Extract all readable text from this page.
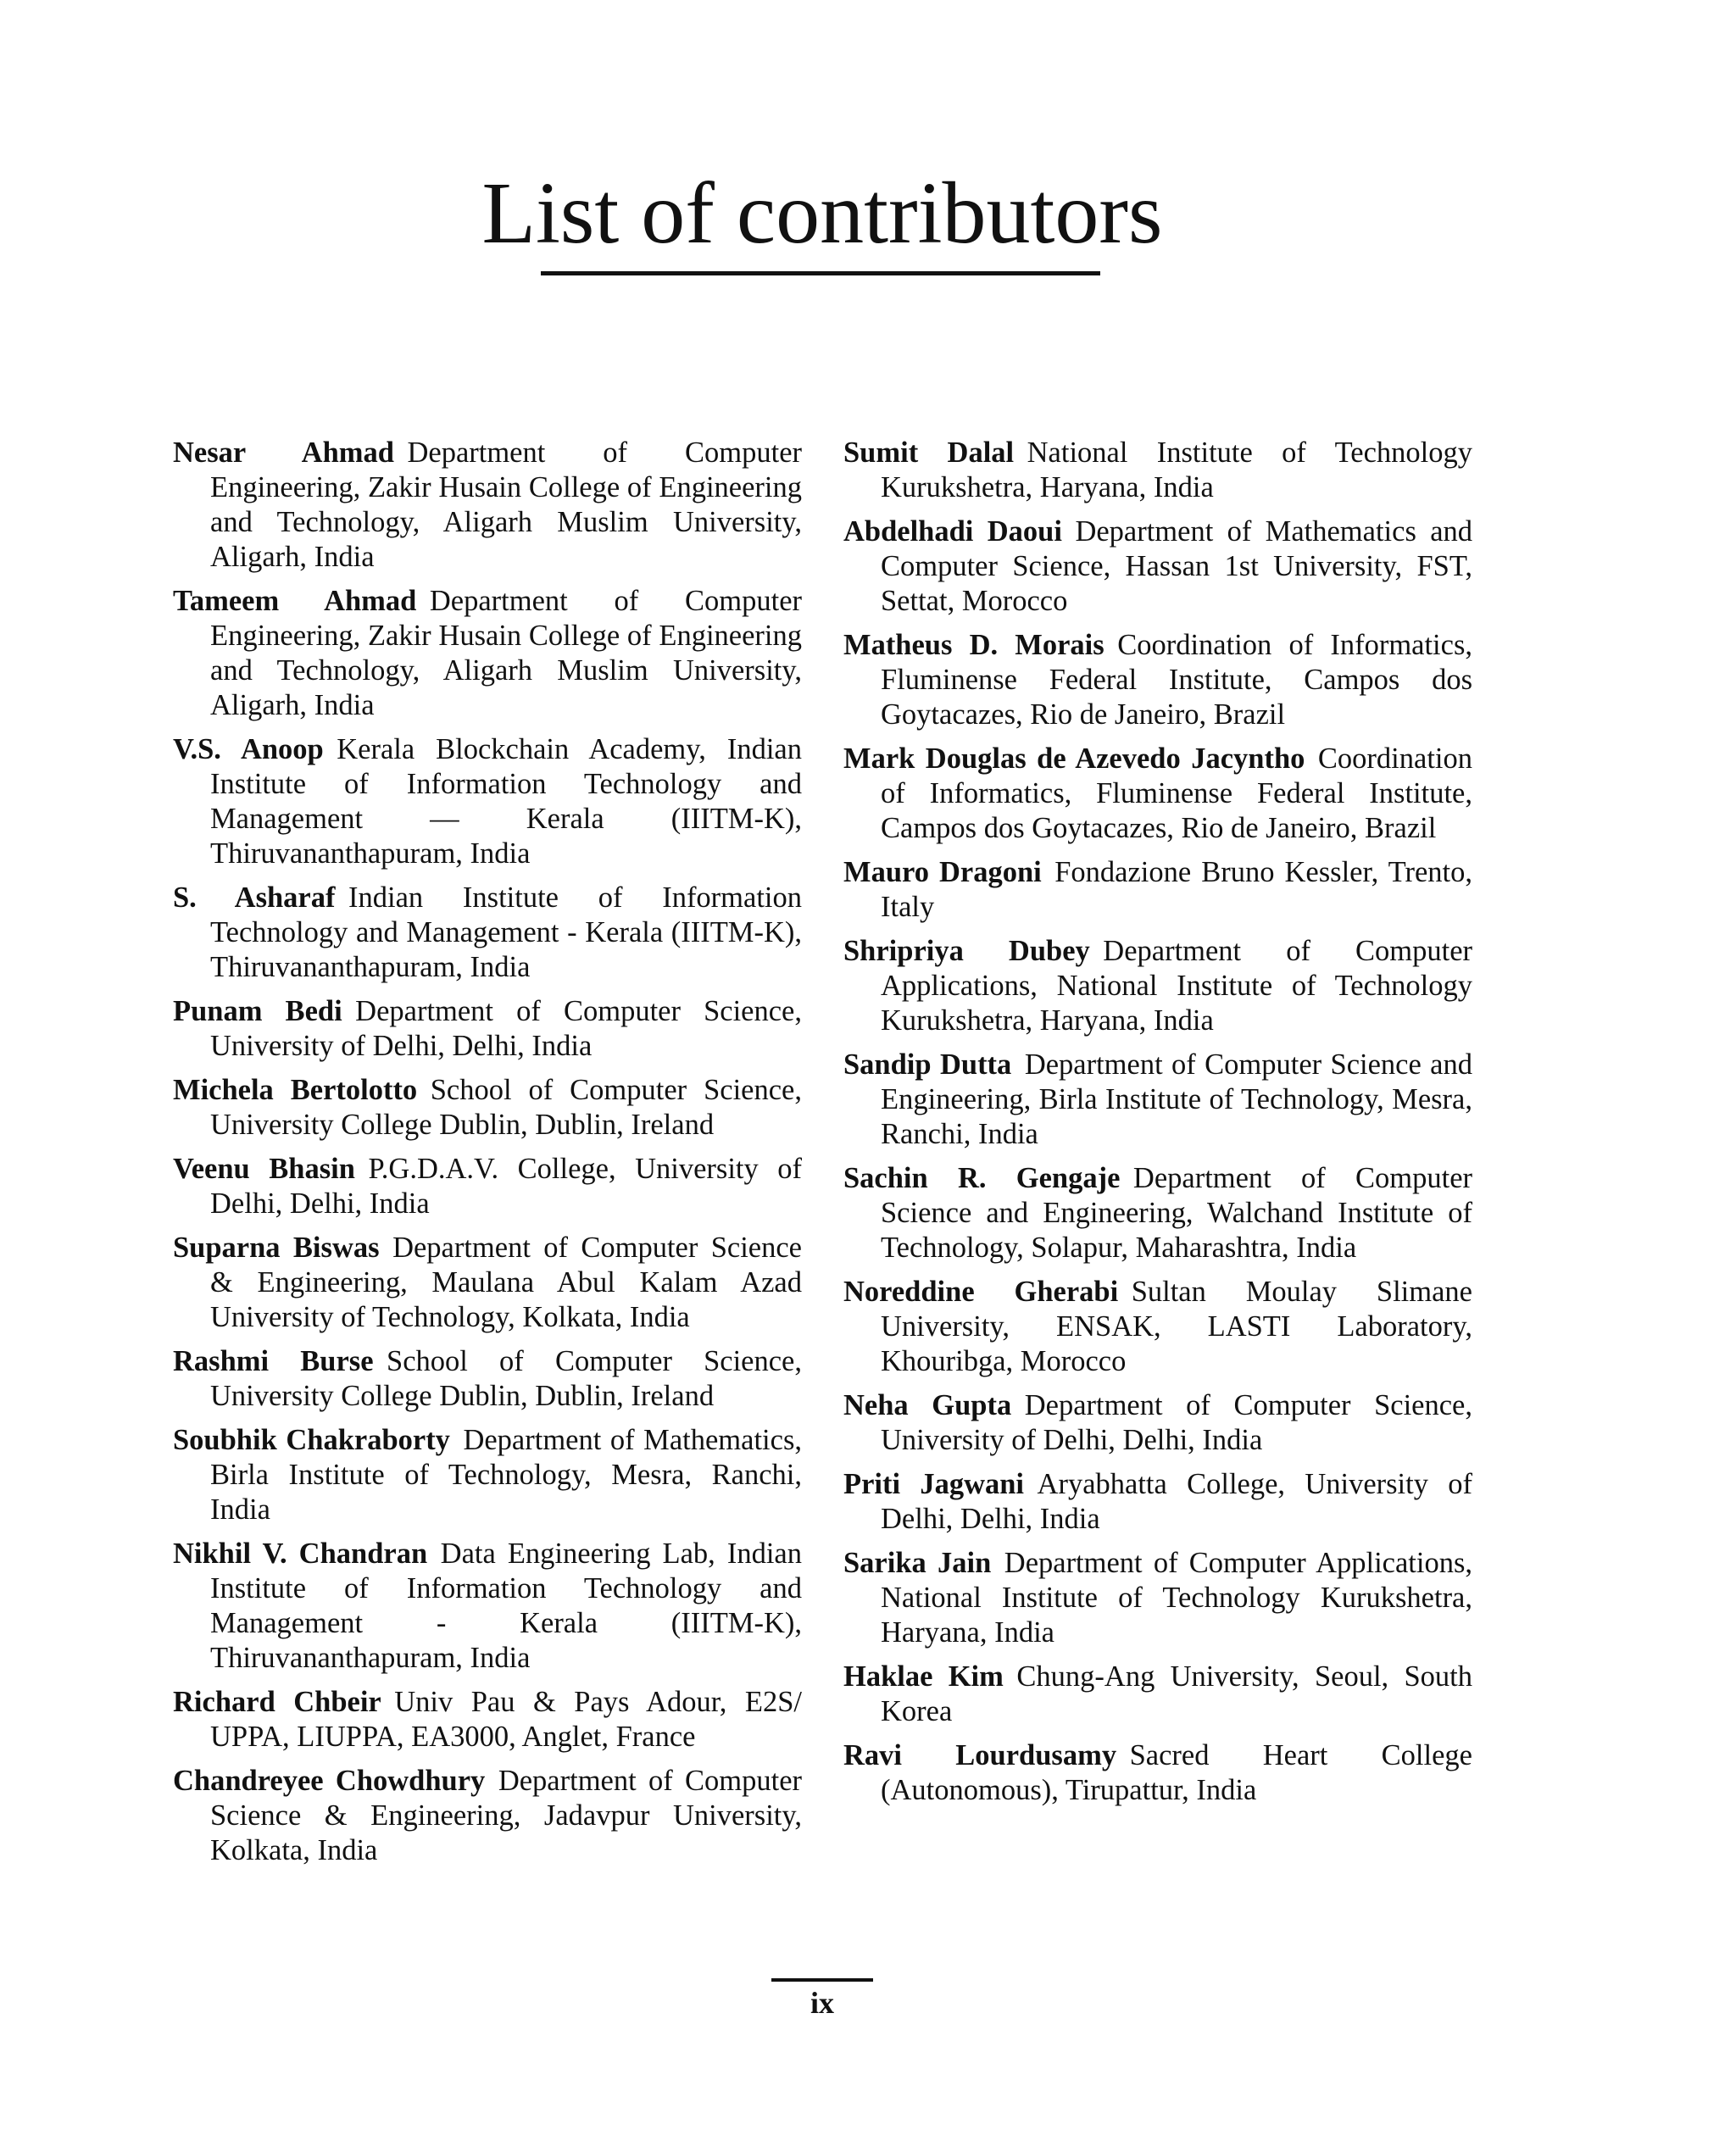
List of contributors

Nesar Ahmad Department of Computer Engineering, Zakir Husain College of Engineering and Technology, Aligarh Muslim University, Aligarh, India

Tameem Ahmad Department of Computer Engineering, Zakir Husain College of Engineering and Technology, Aligarh Muslim University, Aligarh, India

V.S. Anoop Kerala Blockchain Academy, Indian Institute of Information Technology and Management — Kerala (IIITM-K), Thiruvananthapuram, India

S. Asharaf Indian Institute of Information Technology and Management - Kerala (IIITM-K), Thiruvananthapuram, India

Punam Bedi Department of Computer Science, University of Delhi, Delhi, India

Michela Bertolotto School of Computer Science, University College Dublin, Dublin, Ireland

Veenu Bhasin P.G.D.A.V. College, University of Delhi, Delhi, India

Suparna Biswas Department of Computer Science & Engineering, Maulana Abul Kalam Azad University of Technology, Kolkata, India

Rashmi Burse School of Computer Science, University College Dublin, Dublin, Ireland

Soubhik Chakraborty Department of Mathematics, Birla Institute of Technology, Mesra, Ranchi, India

Nikhil V. Chandran Data Engineering Lab, Indian Institute of Information Technology and Management - Kerala (IIITM-K), Thiruvananthapuram, India

Richard Chbeir Univ Pau & Pays Adour, E2S/ UPPA, LIUPPA, EA3000, Anglet, France

Chandreyee Chowdhury Department of Computer Science & Engineering, Jadavpur University, Kolkata, India

Sumit Dalal National Institute of Technology Kurukshetra, Haryana, India

Abdelhadi Daoui Department of Mathematics and Computer Science, Hassan 1st University, FST, Settat, Morocco

Matheus D. Morais Coordination of Informatics, Fluminense Federal Institute, Campos dos Goytacazes, Rio de Janeiro, Brazil

Mark Douglas de Azevedo Jacyntho Coordination of Informatics, Fluminense Federal Institute, Campos dos Goytacazes, Rio de Janeiro, Brazil

Mauro Dragoni Fondazione Bruno Kessler, Trento, Italy

Shripriya Dubey Department of Computer Applications, National Institute of Technology Kurukshetra, Haryana, India

Sandip Dutta Department of Computer Science and Engineering, Birla Institute of Technology, Mesra, Ranchi, India

Sachin R. Gengaje Department of Computer Science and Engineering, Walchand Institute of Technology, Solapur, Maharashtra, India

Noreddine Gherabi Sultan Moulay Slimane University, ENSAK, LASTI Laboratory, Khouribga, Morocco

Neha Gupta Department of Computer Science, University of Delhi, Delhi, India

Priti Jagwani Aryabhatta College, University of Delhi, Delhi, India

Sarika Jain Department of Computer Applications, National Institute of Technology Kurukshetra, Haryana, India

Haklae Kim Chung-Ang University, Seoul, South Korea

Ravi Lourdusamy Sacred Heart College (Autonomous), Tirupattur, India

ix
